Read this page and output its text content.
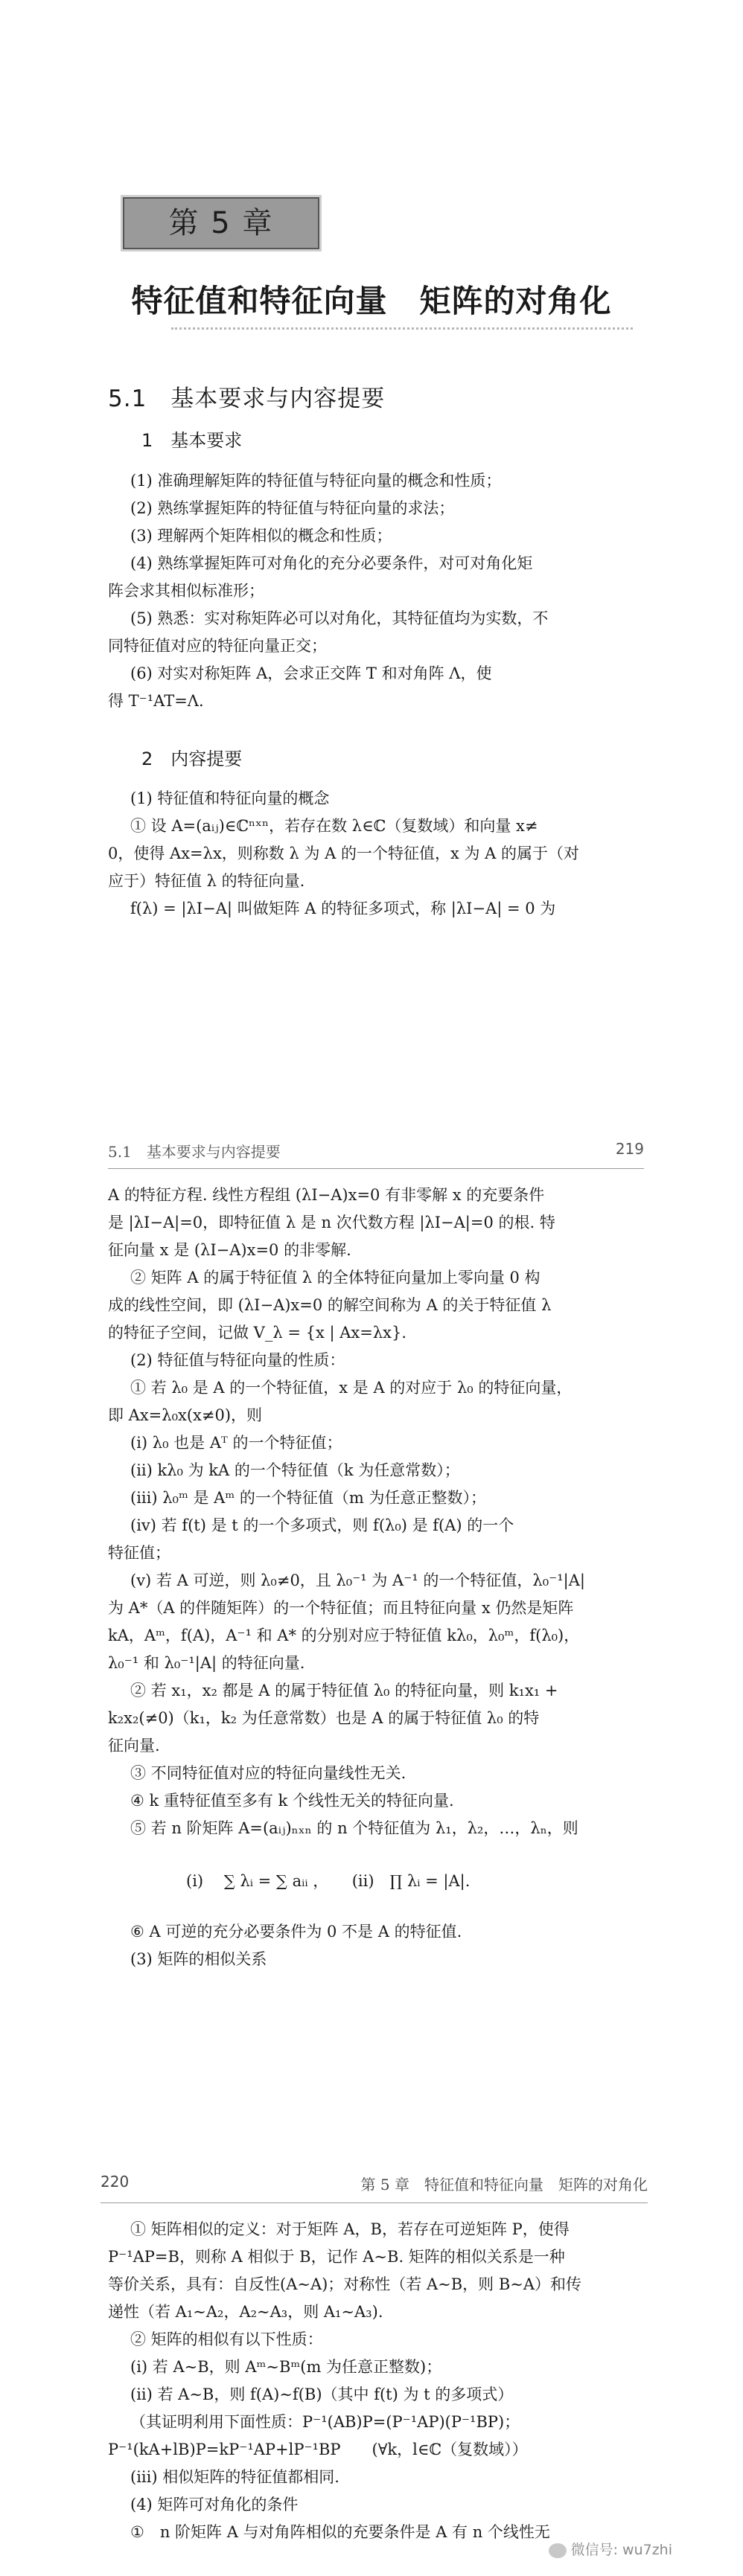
第 5 章
特征值和特征向量　矩阵的对角化
5.1　基本要求与内容提要
1　基本要求
(1) 准确理解矩阵的特征值与特征向量的概念和性质；
(2) 熟练掌握矩阵的特征值与特征向量的求法；
(3) 理解两个矩阵相似的概念和性质；
(4) 熟练掌握矩阵可对角化的充分必要条件，对可对角化矩
阵会求其相似标准形；
(5) 熟悉：实对称矩阵必可以对角化，其特征值均为实数，不
同特征值对应的特征向量正交；
(6) 对实对称矩阵 A，会求正交阵 T 和对角阵 Λ，使
得 T⁻¹AT=Λ.
2　内容提要
(1) 特征值和特征向量的概念
① 设 A=(aᵢⱼ)∈ℂⁿˣⁿ，若存在数 λ∈ℂ（复数域）和向量 x≠
0，使得 Ax=λx，则称数 λ 为 A 的一个特征值，x 为 A 的属于（对
应于）特征值 λ 的特征向量.
f(λ) = |λI−A| 叫做矩阵 A 的特征多项式，称 |λI−A| = 0 为
5.1　基本要求与内容提要	219
A 的特征方程. 线性方程组 (λI−A)x=0 有非零解 x 的充要条件
是 |λI−A|=0，即特征值 λ 是 n 次代数方程 |λI−A|=0 的根. 特
征向量 x 是 (λI−A)x=0 的非零解.
② 矩阵 A 的属于特征值 λ 的全体特征向量加上零向量 0 构
成的线性空间，即 (λI−A)x=0 的解空间称为 A 的关于特征值 λ
的特征子空间，记做 V_λ = {x | Ax=λx}.
(2) 特征值与特征向量的性质：
① 若 λ₀ 是 A 的一个特征值，x 是 A 的对应于 λ₀ 的特征向量，
即 Ax=λ₀x(x≠0)，则
(i) λ₀ 也是 Aᵀ 的一个特征值；
(ii) kλ₀ 为 kA 的一个特征值（k 为任意常数）；
(iii) λ₀ᵐ 是 Aᵐ 的一个特征值（m 为任意正整数）；
(iv) 若 f(t) 是 t 的一个多项式，则 f(λ₀) 是 f(A) 的一个
特征值；
(v) 若 A 可逆，则 λ₀≠0，且 λ₀⁻¹ 为 A⁻¹ 的一个特征值，λ₀⁻¹|A|
为 A*（A 的伴随矩阵）的一个特征值；而且特征向量 x 仍然是矩阵
kA，Aᵐ，f(A)，A⁻¹ 和 A* 的分别对应于特征值 kλ₀，λ₀ᵐ，f(λ₀)，
λ₀⁻¹ 和 λ₀⁻¹|A| 的特征向量.
② 若 x₁，x₂ 都是 A 的属于特征值 λ₀ 的特征向量，则 k₁x₁ +
k₂x₂(≠0)（k₁，k₂ 为任意常数）也是 A 的属于特征值 λ₀ 的特
征向量.
③ 不同特征值对应的特征向量线性无关.
④ k 重特征值至多有 k 个线性无关的特征向量.
⑤ 若 n 阶矩阵 A=(aᵢⱼ)ₙₓₙ 的 n 个特征值为 λ₁，λ₂，…，λₙ，则
(i)　 ∑ λᵢ = ∑ aᵢᵢ ，　　(ii)　∏ λᵢ = |A|.
⑥ A 可逆的充分必要条件为 0 不是 A 的特征值.
(3) 矩阵的相似关系
220	第 5 章　特征值和特征向量　矩阵的对角化
① 矩阵相似的定义：对于矩阵 A，B，若存在可逆矩阵 P，使得
P⁻¹AP=B，则称 A 相似于 B，记作 A∼B. 矩阵的相似关系是一种
等价关系，具有：自反性(A∼A)；对称性（若 A∼B，则 B∼A）和传
递性（若 A₁∼A₂，A₂∼A₃，则 A₁∼A₃).
② 矩阵的相似有以下性质：
(i) 若 A∼B，则 Aᵐ∼Bᵐ(m 为任意正整数)；
(ii) 若 A∼B，则 f(A)∼f(B)（其中 f(t) 为 t 的多项式）
（其证明利用下面性质：P⁻¹(AB)P=(P⁻¹AP)(P⁻¹BP)；
P⁻¹(kA+lB)P=kP⁻¹AP+lP⁻¹BP　　(∀k，l∈ℂ（复数域））
(iii) 相似矩阵的特征值都相同.
(4) 矩阵可对角化的条件
①　n 阶矩阵 A 与对角阵相似的充要条件是 A 有 n 个线性无
微信号: wu7zhi
